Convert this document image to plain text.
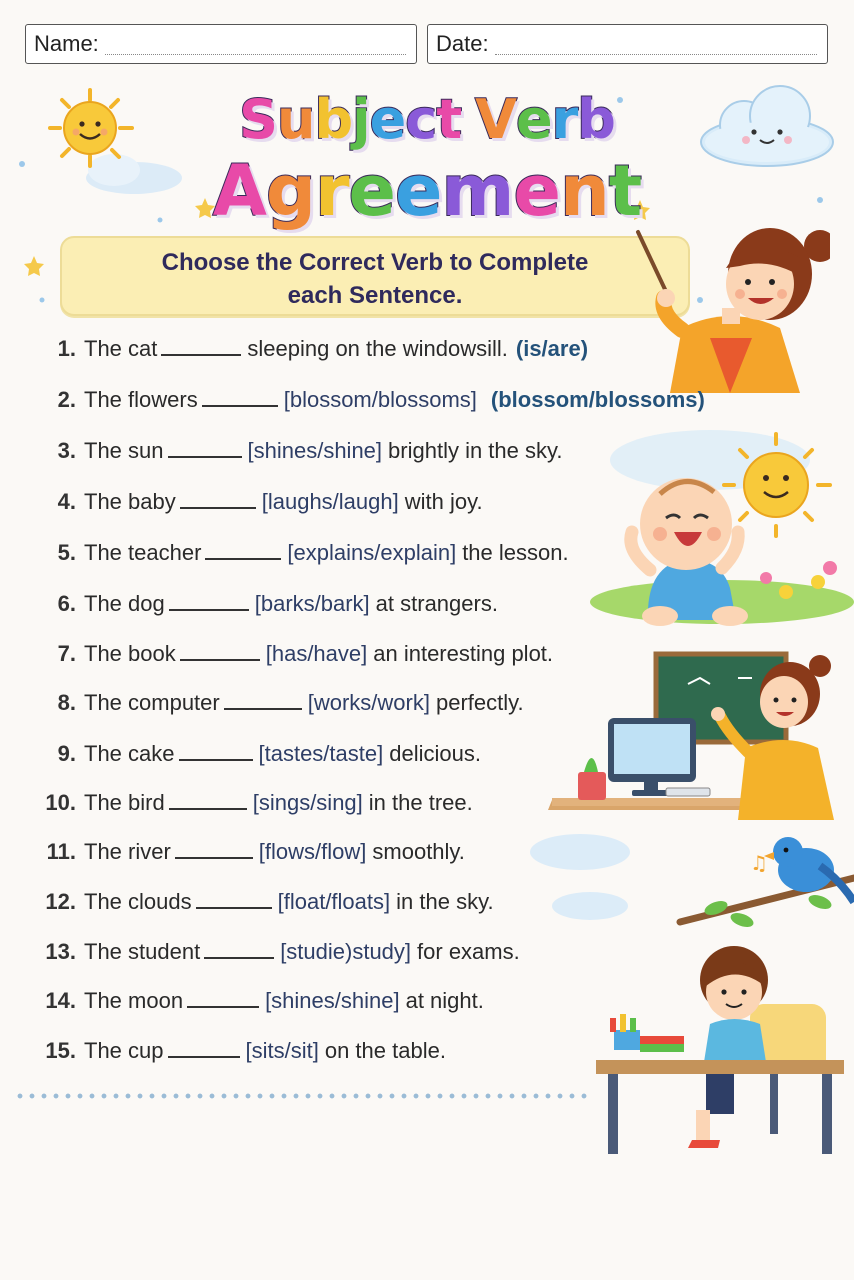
Name:	Date:
Subject Verb
Agreement
Choose the Correct Verb to Complete
each Sentence.
♫
1. The cat	sleeping on the windowsill. (is/are)
2. The flowers	[blossom/blossoms] (blossom/blossoms)
3. The sun	[shines/shine] brightly in the sky.
4. The baby	[laughs/laugh] with joy.
5. The teacher	[explains/explain] the lesson.
6. The dog	[barks/bark] at strangers.
7. The book	[has/have] an interesting plot.
8. The computer	[works/work] perfectly.
9. The cake	[tastes/taste] delicious.
10. The bird	[sings/sing] in the tree.
11. The river	[flows/flow] smoothly.
12. The clouds	[float/floats] in the sky.
13. The student	[studie)study] for exams.
14. The moon	[shines/shine] at night.
15. The cup	[sits/sit] on the table.
